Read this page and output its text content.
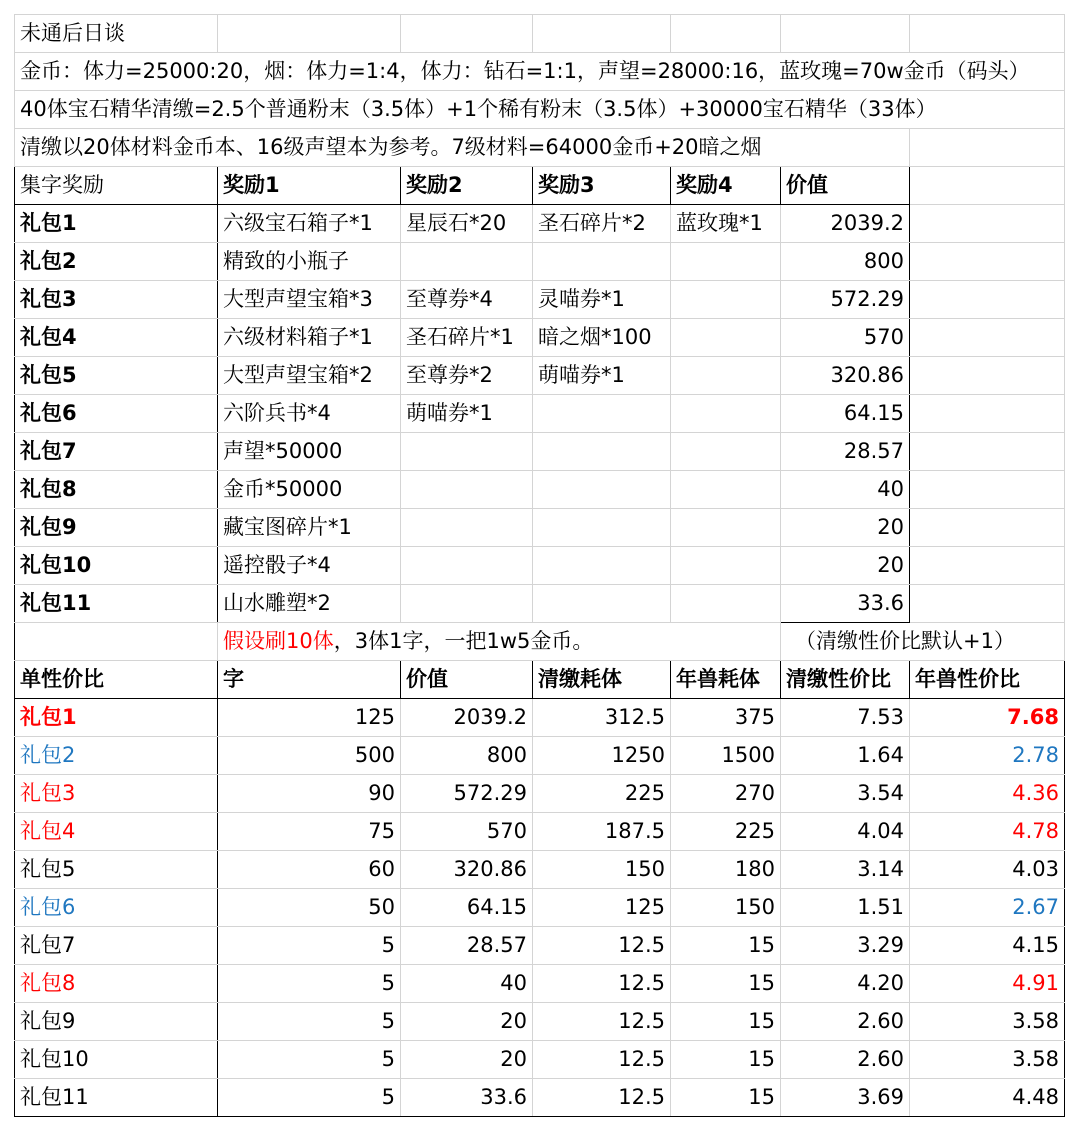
未通后日谈						
金币：体力=25000:20，烟：体力=1:4，体力：钻石=1:1，声望=28000:16，蓝玫瑰=70w金币（码头）						
40体宝石精华清缴=2.5个普通粉末（3.5体）+1个稀有粉末（3.5体）+30000宝石精华（33体）						
清缴以20体材料金币本、16级声望本为参考。7级材料=64000金币+20暗之烟						
集字奖励	奖励1	奖励2	奖励3	奖励4	价值	
礼包1	六级宝石箱子*1	星辰石*20	圣石碎片*2	蓝玫瑰*1	2039.2	
礼包2	精致的小瓶子				800	
礼包3	大型声望宝箱*3	至尊券*4	灵喵券*1		572.29	
礼包4	六级材料箱子*1	圣石碎片*1	暗之烟*100		570	
礼包5	大型声望宝箱*2	至尊券*2	萌喵券*1		320.86	
礼包6	六阶兵书*4	萌喵券*1			64.15	
礼包7	声望*50000				28.57	
礼包8	金币*50000				40	
礼包9	藏宝图碎片*1				20	
礼包10	遥控骰子*4				20	
礼包11	山水雕塑*2				33.6	
	假设刷10体，3体1字，一把1w5金币。				（清缴性价比默认+1）	
单性价比	字	价值	清缴耗体	年兽耗体	清缴性价比	年兽性价比
礼包1	125	2039.2	312.5	375	7.53	7.68
礼包2	500	800	1250	1500	1.64	2.78
礼包3	90	572.29	225	270	3.54	4.36
礼包4	75	570	187.5	225	4.04	4.78
礼包5	60	320.86	150	180	3.14	4.03
礼包6	50	64.15	125	150	1.51	2.67
礼包7	5	28.57	12.5	15	3.29	4.15
礼包8	5	40	12.5	15	4.20	4.91
礼包9	5	20	12.5	15	2.60	3.58
礼包10	5	20	12.5	15	2.60	3.58
礼包11	5	33.6	12.5	15	3.69	4.48
